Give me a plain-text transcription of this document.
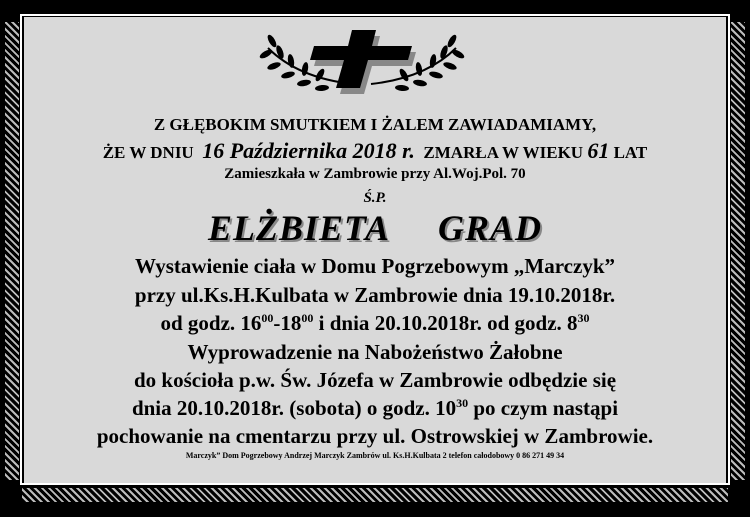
Z GŁĘBOKIM SMUTKIEM I ŻALEM ZAWIADAMIAMY,
ŻE W DNIU 16 Października 2018 r. ZMARŁA W WIEKU 61 LAT
Zamieszkała w Zambrowie przy Al.Woj.Pol. 70
Ś.P.
ELŻBIETA GRAD
Wystawienie ciała w Domu Pogrzebowym „Marczyk”
przy ul.Ks.H.Kulbata w Zambrowie dnia 19.10.2018r.
od godz. $16^{00}-18^{00}$ i dnia 20.10.2018r. od godz. $8^{30}$
Wyprowadzenie na Nabożeństwo Żałobne
do kościoła p.w. Św. Józefa w Zambrowie odbędzie się
dnia 20.10.2018r. (sobota) o godz. $10^{30}$ po czym nastąpi
pochowanie na cmentarzu przy ul. Ostrowskiej w Zambrowie.
Marczyk” Dom Pogrzebowy Andrzej Marczyk Zambrów ul. Ks.H.Kulbata 2 telefon całodobowy 0 86 271 49 34
